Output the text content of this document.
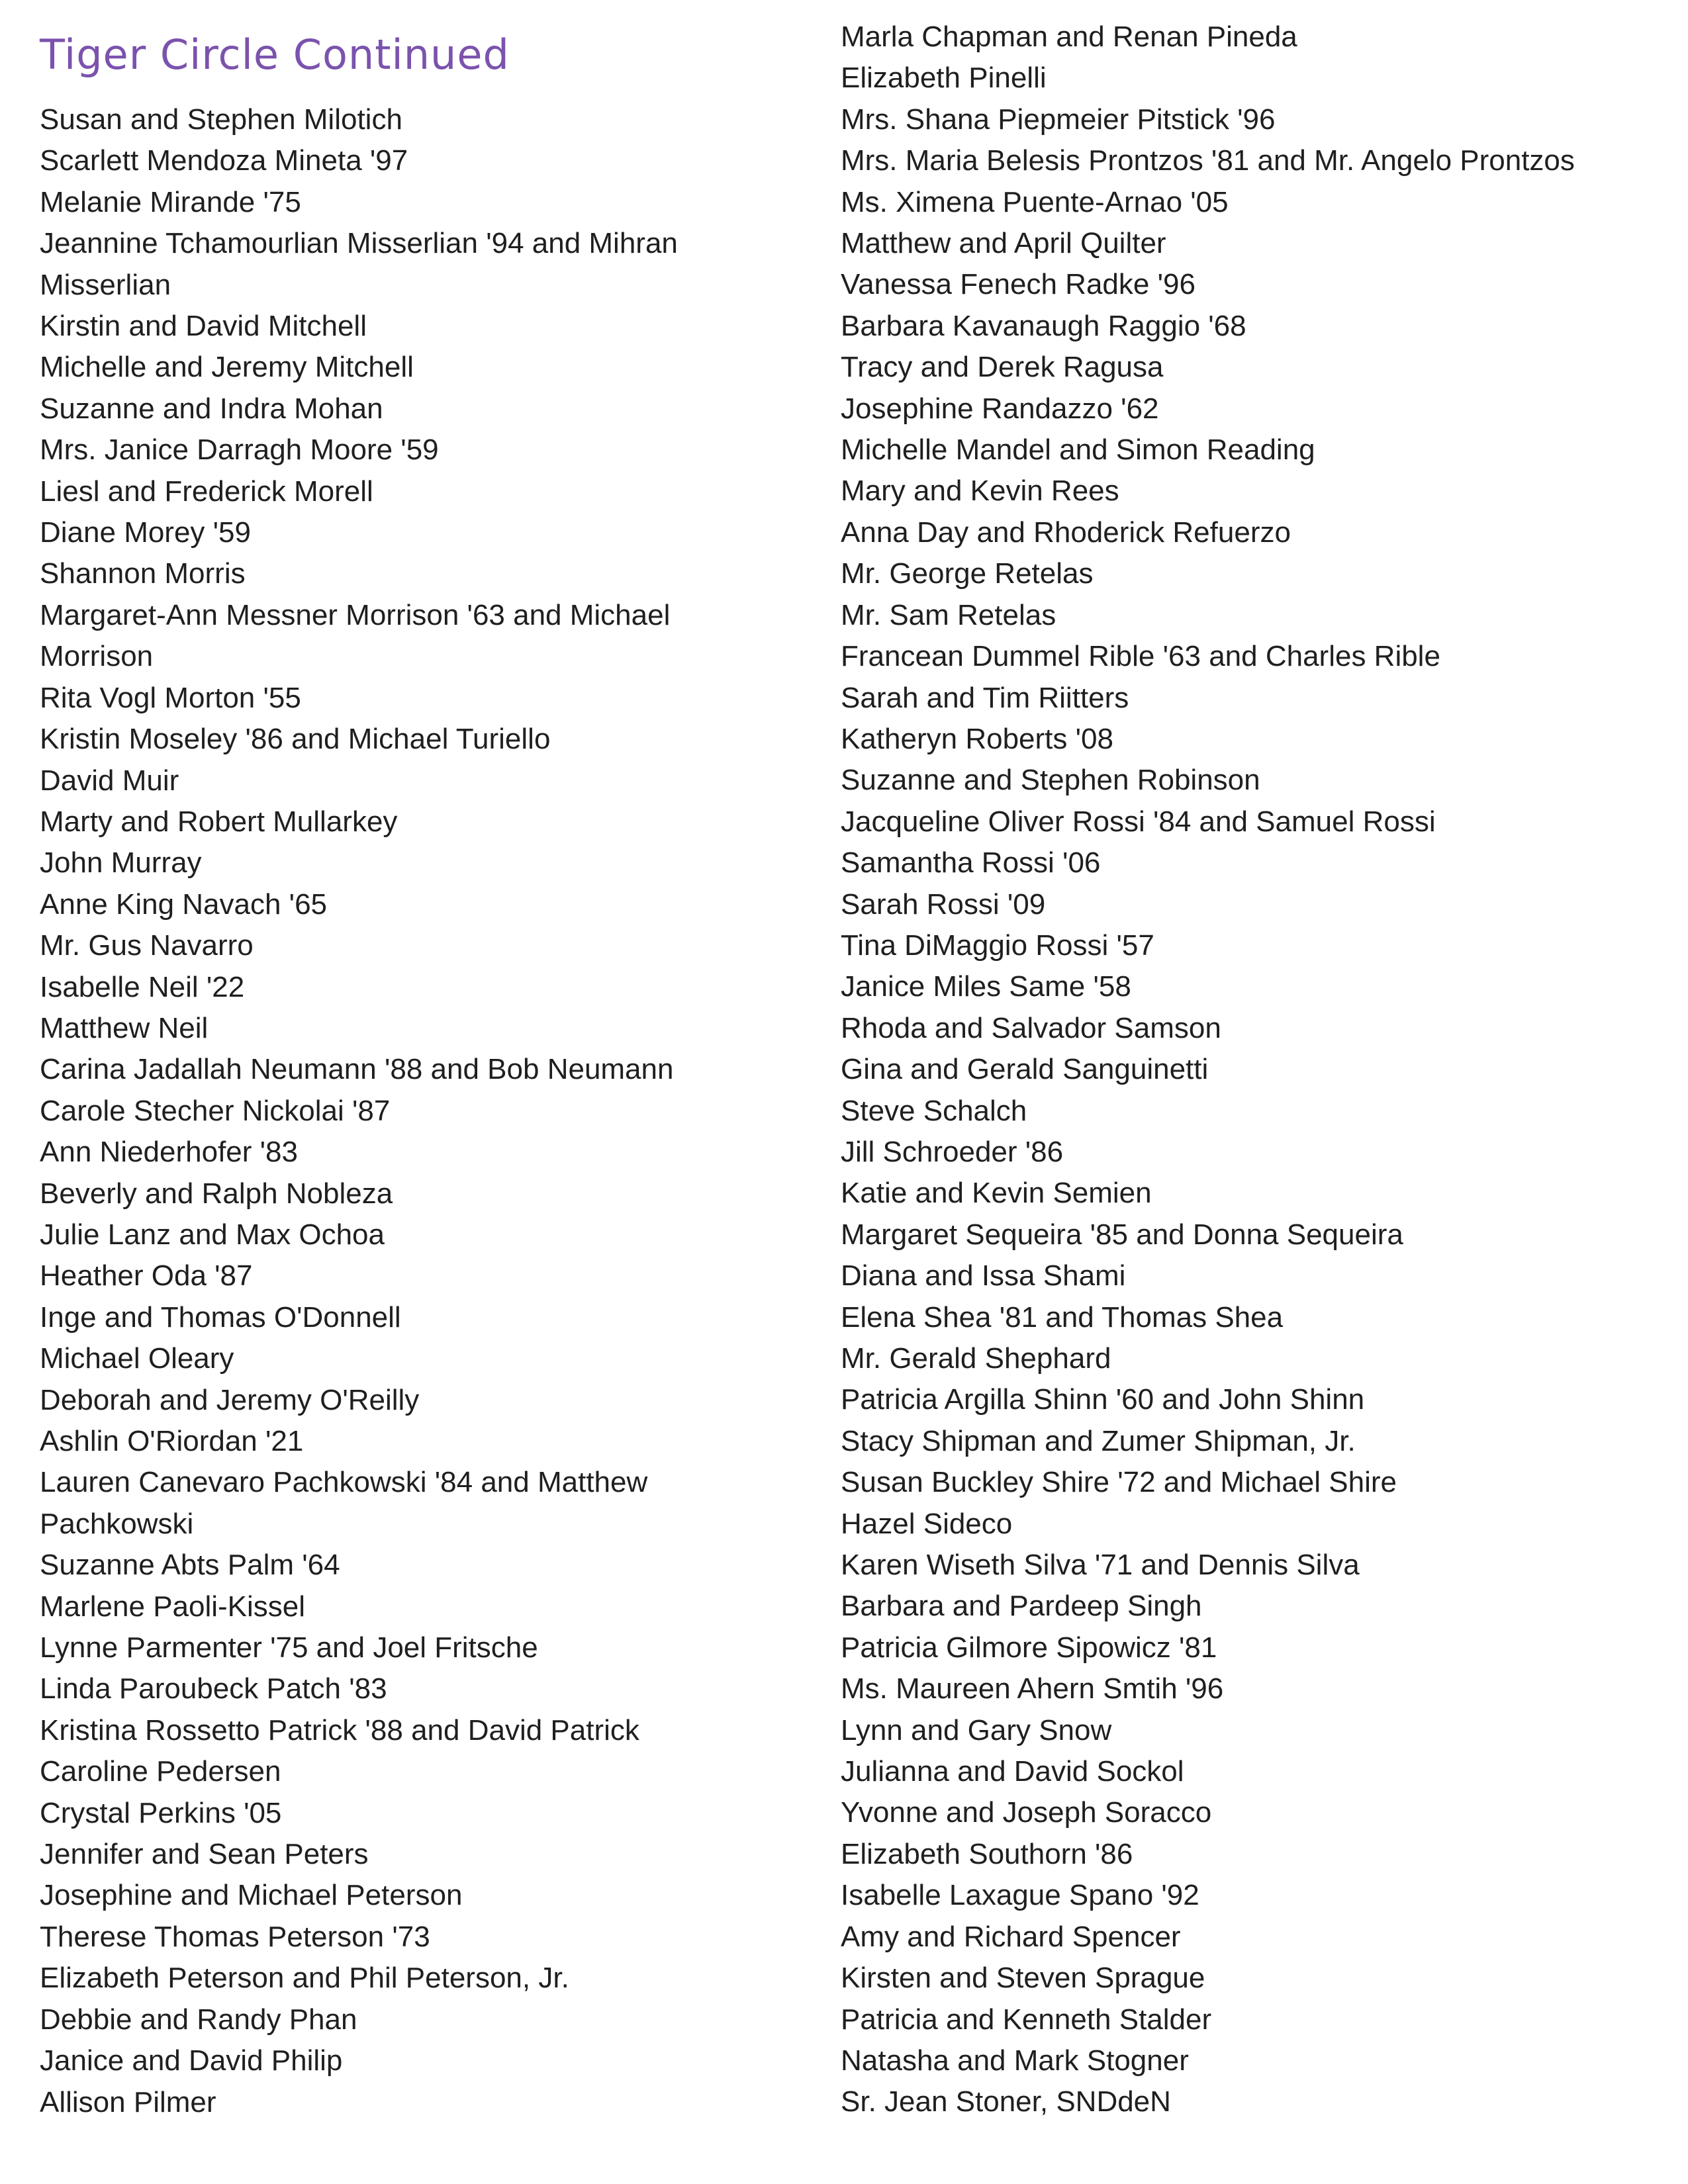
Tiger Circle Continued
Susan and Stephen Milotich
Scarlett Mendoza Mineta '97
Melanie Mirande '75
Jeannine Tchamourlian Misserlian '94 and Mihran
Misserlian
Kirstin and David Mitchell
Michelle and Jeremy Mitchell
Suzanne and Indra Mohan
Mrs. Janice Darragh Moore '59
Liesl and Frederick Morell
Diane Morey '59
Shannon Morris
Margaret-Ann Messner Morrison '63 and Michael
Morrison
Rita Vogl Morton '55
Kristin Moseley '86 and Michael Turiello
David Muir
Marty and Robert Mullarkey
John Murray
Anne King Navach '65
Mr. Gus Navarro
Isabelle Neil '22
Matthew Neil
Carina Jadallah Neumann '88 and Bob Neumann
Carole Stecher Nickolai '87
Ann Niederhofer '83
Beverly and Ralph Nobleza
Julie Lanz and Max Ochoa
Heather Oda '87
Inge and Thomas O'Donnell
Michael Oleary
Deborah and Jeremy O'Reilly
Ashlin O'Riordan '21
Lauren Canevaro Pachkowski '84 and Matthew
Pachkowski
Suzanne Abts Palm '64
Marlene Paoli-Kissel
Lynne Parmenter '75 and Joel Fritsche
Linda Paroubeck Patch '83
Kristina Rossetto Patrick '88 and David Patrick
Caroline Pedersen
Crystal Perkins '05
Jennifer and Sean Peters
Josephine and Michael Peterson
Therese Thomas Peterson '73
Elizabeth Peterson and Phil Peterson, Jr.
Debbie and Randy Phan
Janice and David Philip
Allison Pilmer
Marla Chapman and Renan Pineda
Elizabeth Pinelli
Mrs. Shana Piepmeier Pitstick '96
Mrs. Maria Belesis Prontzos '81 and Mr. Angelo Prontzos
Ms. Ximena Puente-Arnao '05
Matthew and April Quilter
Vanessa Fenech Radke '96
Barbara Kavanaugh Raggio '68
Tracy and Derek Ragusa
Josephine Randazzo '62
Michelle Mandel and Simon Reading
Mary and Kevin Rees
Anna Day and Rhoderick Refuerzo
Mr. George Retelas
Mr. Sam Retelas
Francean Dummel Rible '63 and Charles Rible
Sarah and Tim Riitters
Katheryn Roberts '08
Suzanne and Stephen Robinson
Jacqueline Oliver Rossi '84 and Samuel Rossi
Samantha Rossi '06
Sarah Rossi '09
Tina DiMaggio Rossi '57
Janice Miles Same '58
Rhoda and Salvador Samson
Gina and Gerald Sanguinetti
Steve Schalch
Jill Schroeder '86
Katie and Kevin Semien
Margaret Sequeira '85 and Donna Sequeira
Diana and Issa Shami
Elena Shea '81 and Thomas Shea
Mr. Gerald Shephard
Patricia Argilla Shinn '60 and John Shinn
Stacy Shipman and Zumer Shipman, Jr.
Susan Buckley Shire '72 and Michael Shire
Hazel Sideco
Karen Wiseth Silva '71 and Dennis Silva
Barbara and Pardeep Singh
Patricia Gilmore Sipowicz '81
Ms. Maureen Ahern Smtih '96
Lynn and Gary Snow
Julianna and David Sockol
Yvonne and Joseph Soracco
Elizabeth Southorn '86
Isabelle Laxague Spano '92
Amy and Richard Spencer
Kirsten and Steven Sprague
Patricia and Kenneth Stalder
Natasha and Mark Stogner
Sr. Jean Stoner, SNDdeN
